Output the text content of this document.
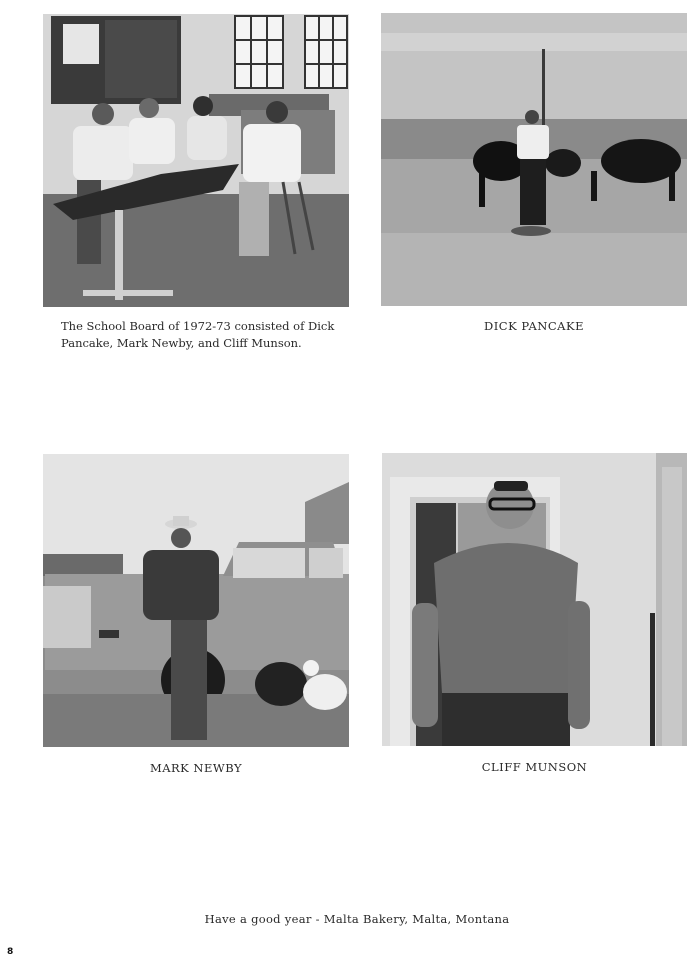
The School Board of 1972-73 consisted of Dick Pancake, Mark Newby, and Cliff Munson.
DICK PANCAKE
MARK NEWBY	CLIFF MUNSON
Have a good year - Malta Bakery, Malta, Montana
8
